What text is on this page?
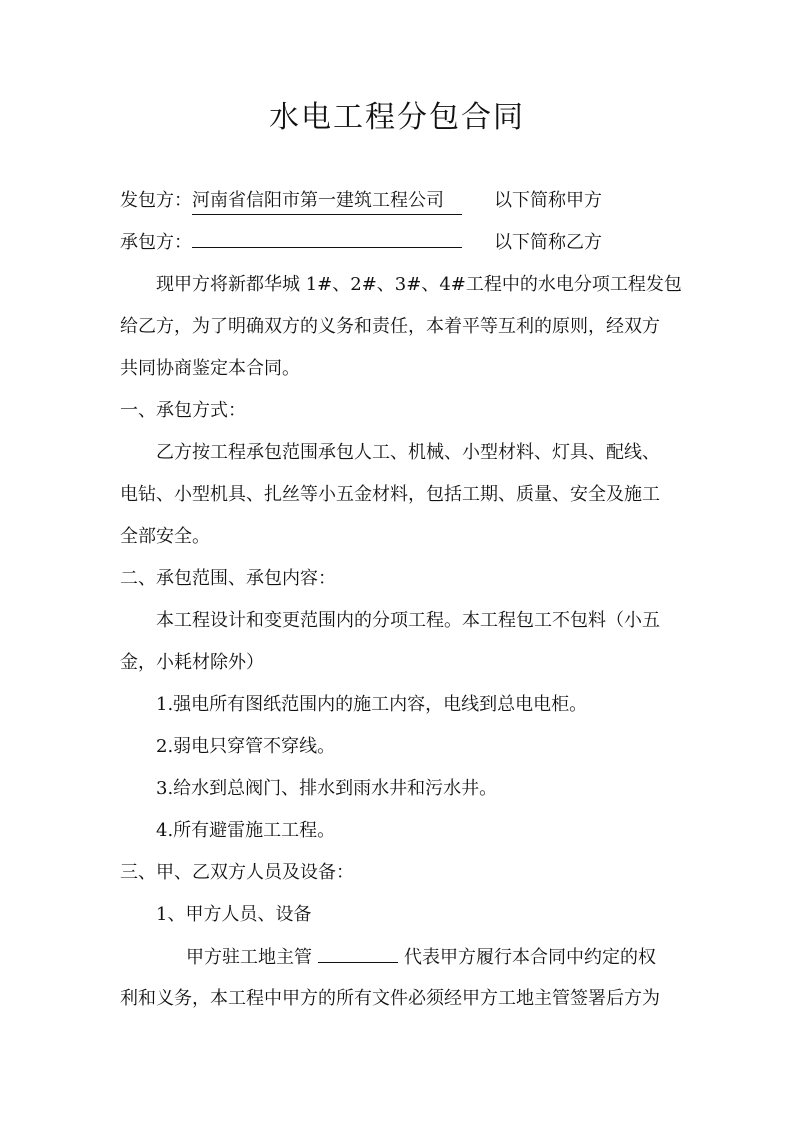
水电工程分包合同
发包方：河南省信阳市第一建筑工程公司	以下简称甲方
承包方：	以下简称乙方
现甲方将新都华城 1#、2#、3#、4#工程中的水电分项工程发包
给乙方，为了明确双方的义务和责任，本着平等互利的原则，经双方
共同协商鉴定本合同。
一、承包方式：
乙方按工程承包范围承包人工、机械、小型材料、灯具、配线、
电钻、小型机具、扎丝等小五金材料，包括工期、质量、安全及施工
全部安全。
二、承包范围、承包内容：
本工程设计和变更范围内的分项工程。本工程包工不包料（小五
金，小耗材除外）
1.强电所有图纸范围内的施工内容，电线到总电电柜。
2.弱电只穿管不穿线。
3.给水到总阀门、排水到雨水井和污水井。
4.所有避雷施工工程。
三、甲、乙双方人员及设备：
1、甲方人员、设备
甲方驻工地主管	代表甲方履行本合同中约定的权
利和义务，本工程中甲方的所有文件必须经甲方工地主管签署后方为
